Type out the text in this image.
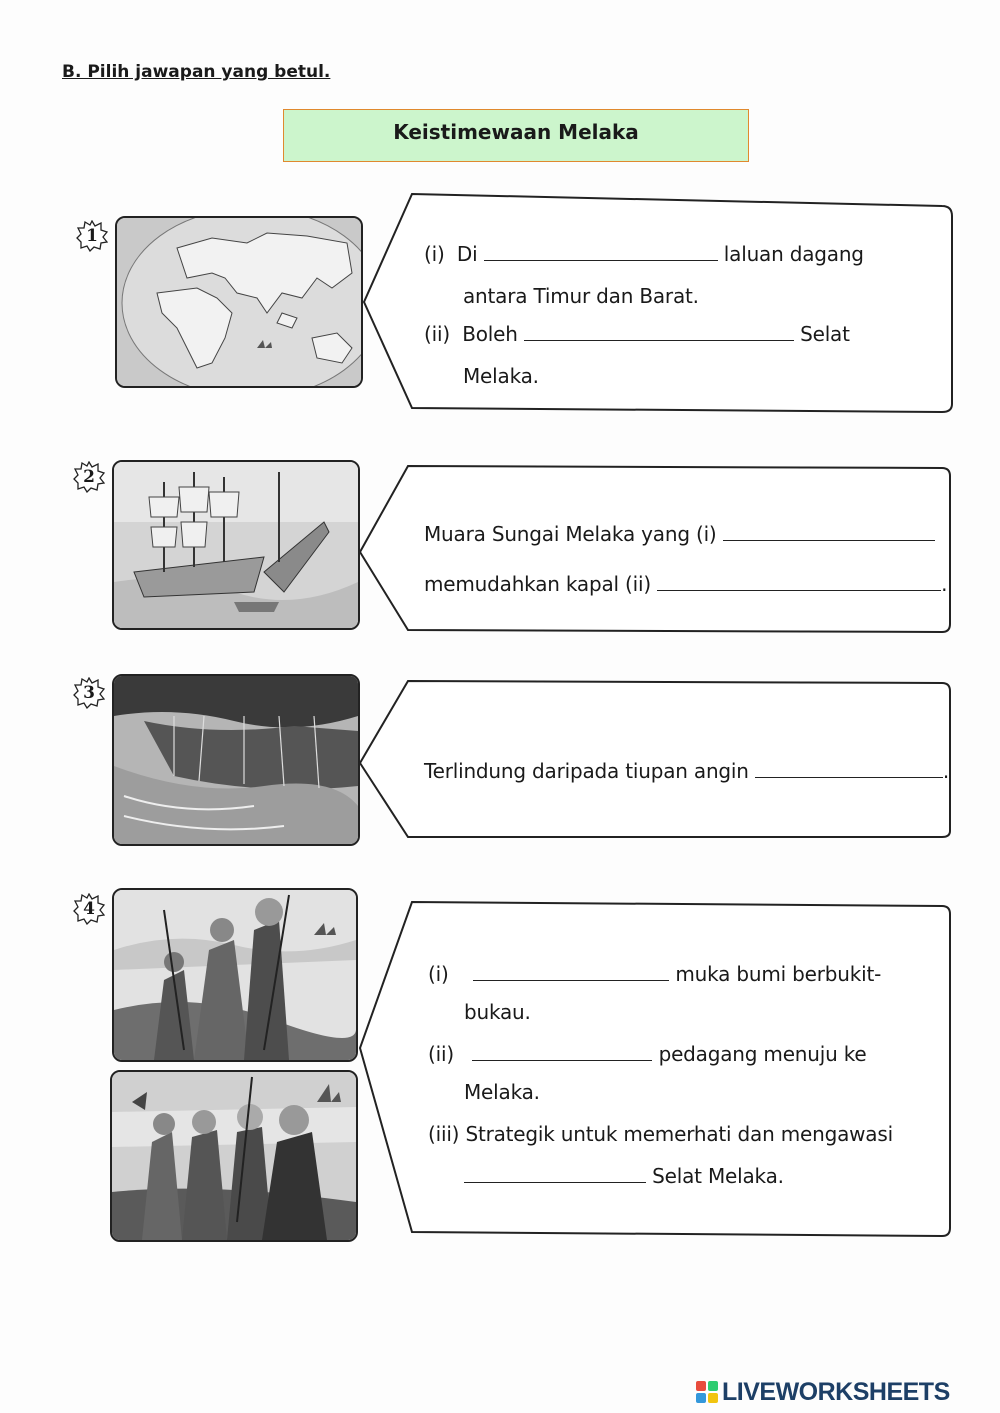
B. Pilih jawapan yang betul.
Keistimewaan Melaka
1
(i) Di	laluan dagang
antara Timur dan Barat.
(ii) Boleh	Selat
Melaka.
2
Muara Sungai Melaka yang (i)
memudahkan kapal (ii)	.
3
Terlindung daripada tiupan angin	.
4
(i)	muka bumi berbukit-
bukau.
(ii)	pedagang menuju ke
Melaka.
(iii) Strategik untuk memerhati dan mengawasi
Selat Melaka.
LIVEWORKSHEETS
